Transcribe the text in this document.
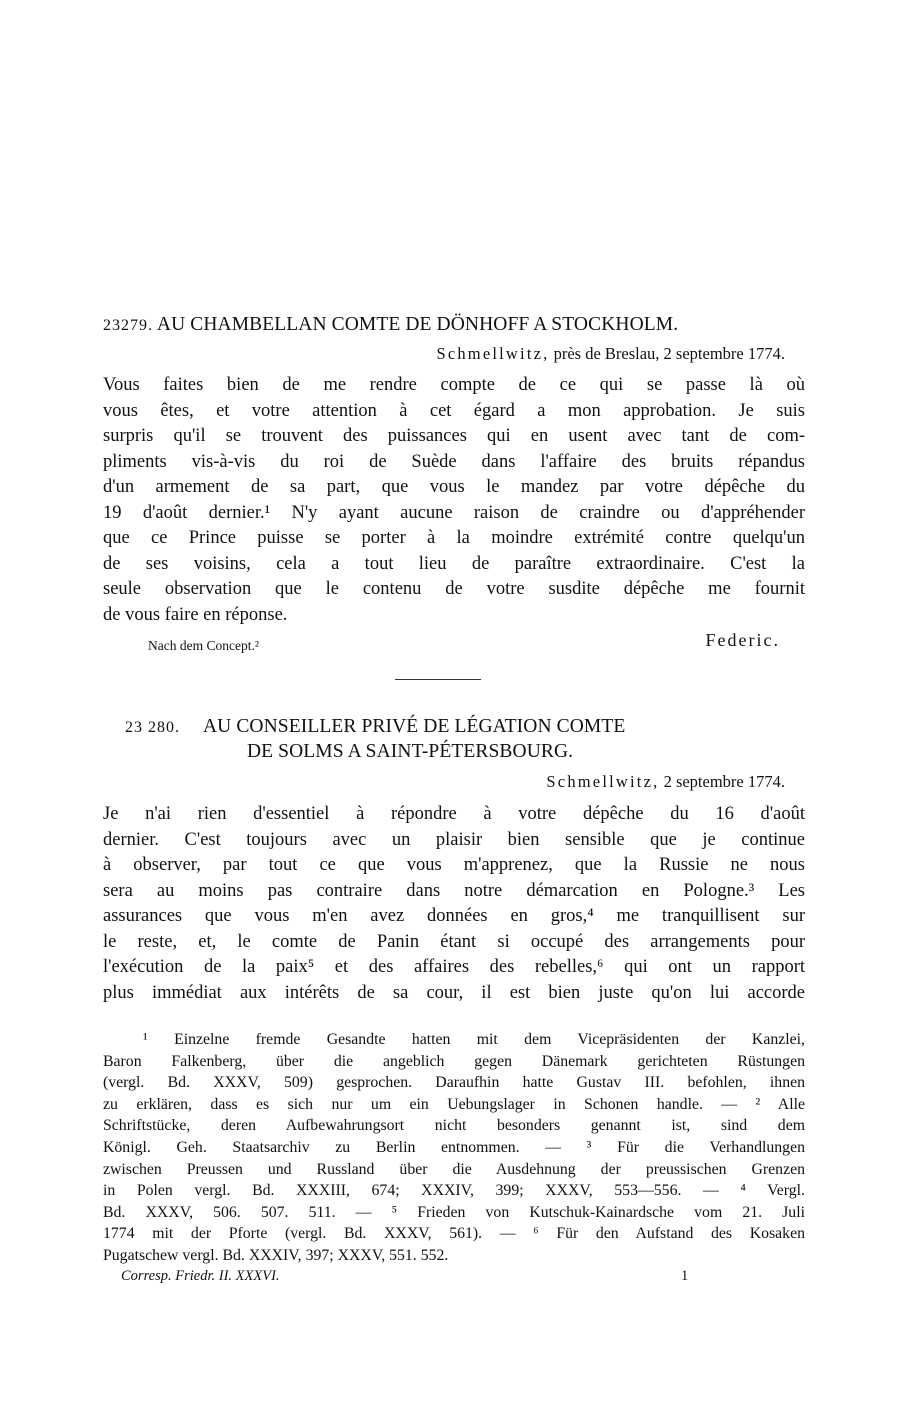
23279. AU CHAMBELLAN COMTE DE DÖNHOFF A STOCKHOLM.
Schmellwitz, près de Breslau, 2 septembre 1774.
Vous faites bien de me rendre compte de ce qui se passe là où
vous êtes, et votre attention à cet égard a mon approbation. Je suis
surpris qu'il se trouvent des puissances qui en usent avec tant de com-
pliments vis-à-vis du roi de Suède dans l'affaire des bruits répandus
d'un armement de sa part, que vous le mandez par votre dépêche du
19 d'août dernier.¹ N'y ayant aucune raison de craindre ou d'appréhender
que ce Prince puisse se porter à la moindre extrémité contre quelqu'un
de ses voisins, cela a tout lieu de paraître extraordinaire. C'est la
seule observation que le contenu de votre susdite dépêche me fournit
de vous faire en réponse.
Nach dem Concept.²	Federic.
23 280. AU CONSEILLER PRIVÉ DE LÉGATION COMTE
DE SOLMS A SAINT-PÉTERSBOURG.
Schmellwitz, 2 septembre 1774.
Je n'ai rien d'essentiel à répondre à votre dépêche du 16 d'août
dernier. C'est toujours avec un plaisir bien sensible que je continue
à observer, par tout ce que vous m'apprenez, que la Russie ne nous
sera au moins pas contraire dans notre démarcation en Pologne.³ Les
assurances que vous m'en avez données en gros,⁴ me tranquillisent sur
le reste, et, le comte de Panin étant si occupé des arrangements pour
l'exécution de la paix⁵ et des affaires des rebelles,⁶ qui ont un rapport
plus immédiat aux intérêts de sa cour, il est bien juste qu'on lui accorde
¹ Einzelne fremde Gesandte hatten mit dem Vicepräsidenten der Kanzlei,
Baron Falkenberg, über die angeblich gegen Dänemark gerichteten Rüstungen
(vergl. Bd. XXXV, 509) gesprochen. Daraufhin hatte Gustav III. befohlen, ihnen
zu erklären, dass es sich nur um ein Uebungslager in Schonen handle. — ² Alle
Schriftstücke, deren Aufbewahrungsort nicht besonders genannt ist, sind dem
Königl. Geh. Staatsarchiv zu Berlin entnommen. — ³ Für die Verhandlungen
zwischen Preussen und Russland über die Ausdehnung der preussischen Grenzen
in Polen vergl. Bd. XXXIII, 674; XXXIV, 399; XXXV, 553—556. — ⁴ Vergl.
Bd. XXXV, 506. 507. 511. — ⁵ Frieden von Kutschuk-Kainardsche vom 21. Juli
1774 mit der Pforte (vergl. Bd. XXXV, 561). — ⁶ Für den Aufstand des Kosaken
Pugatschew vergl. Bd. XXXIV, 397; XXXV, 551. 552.
Corresp. Friedr. II. XXXVI.	1
